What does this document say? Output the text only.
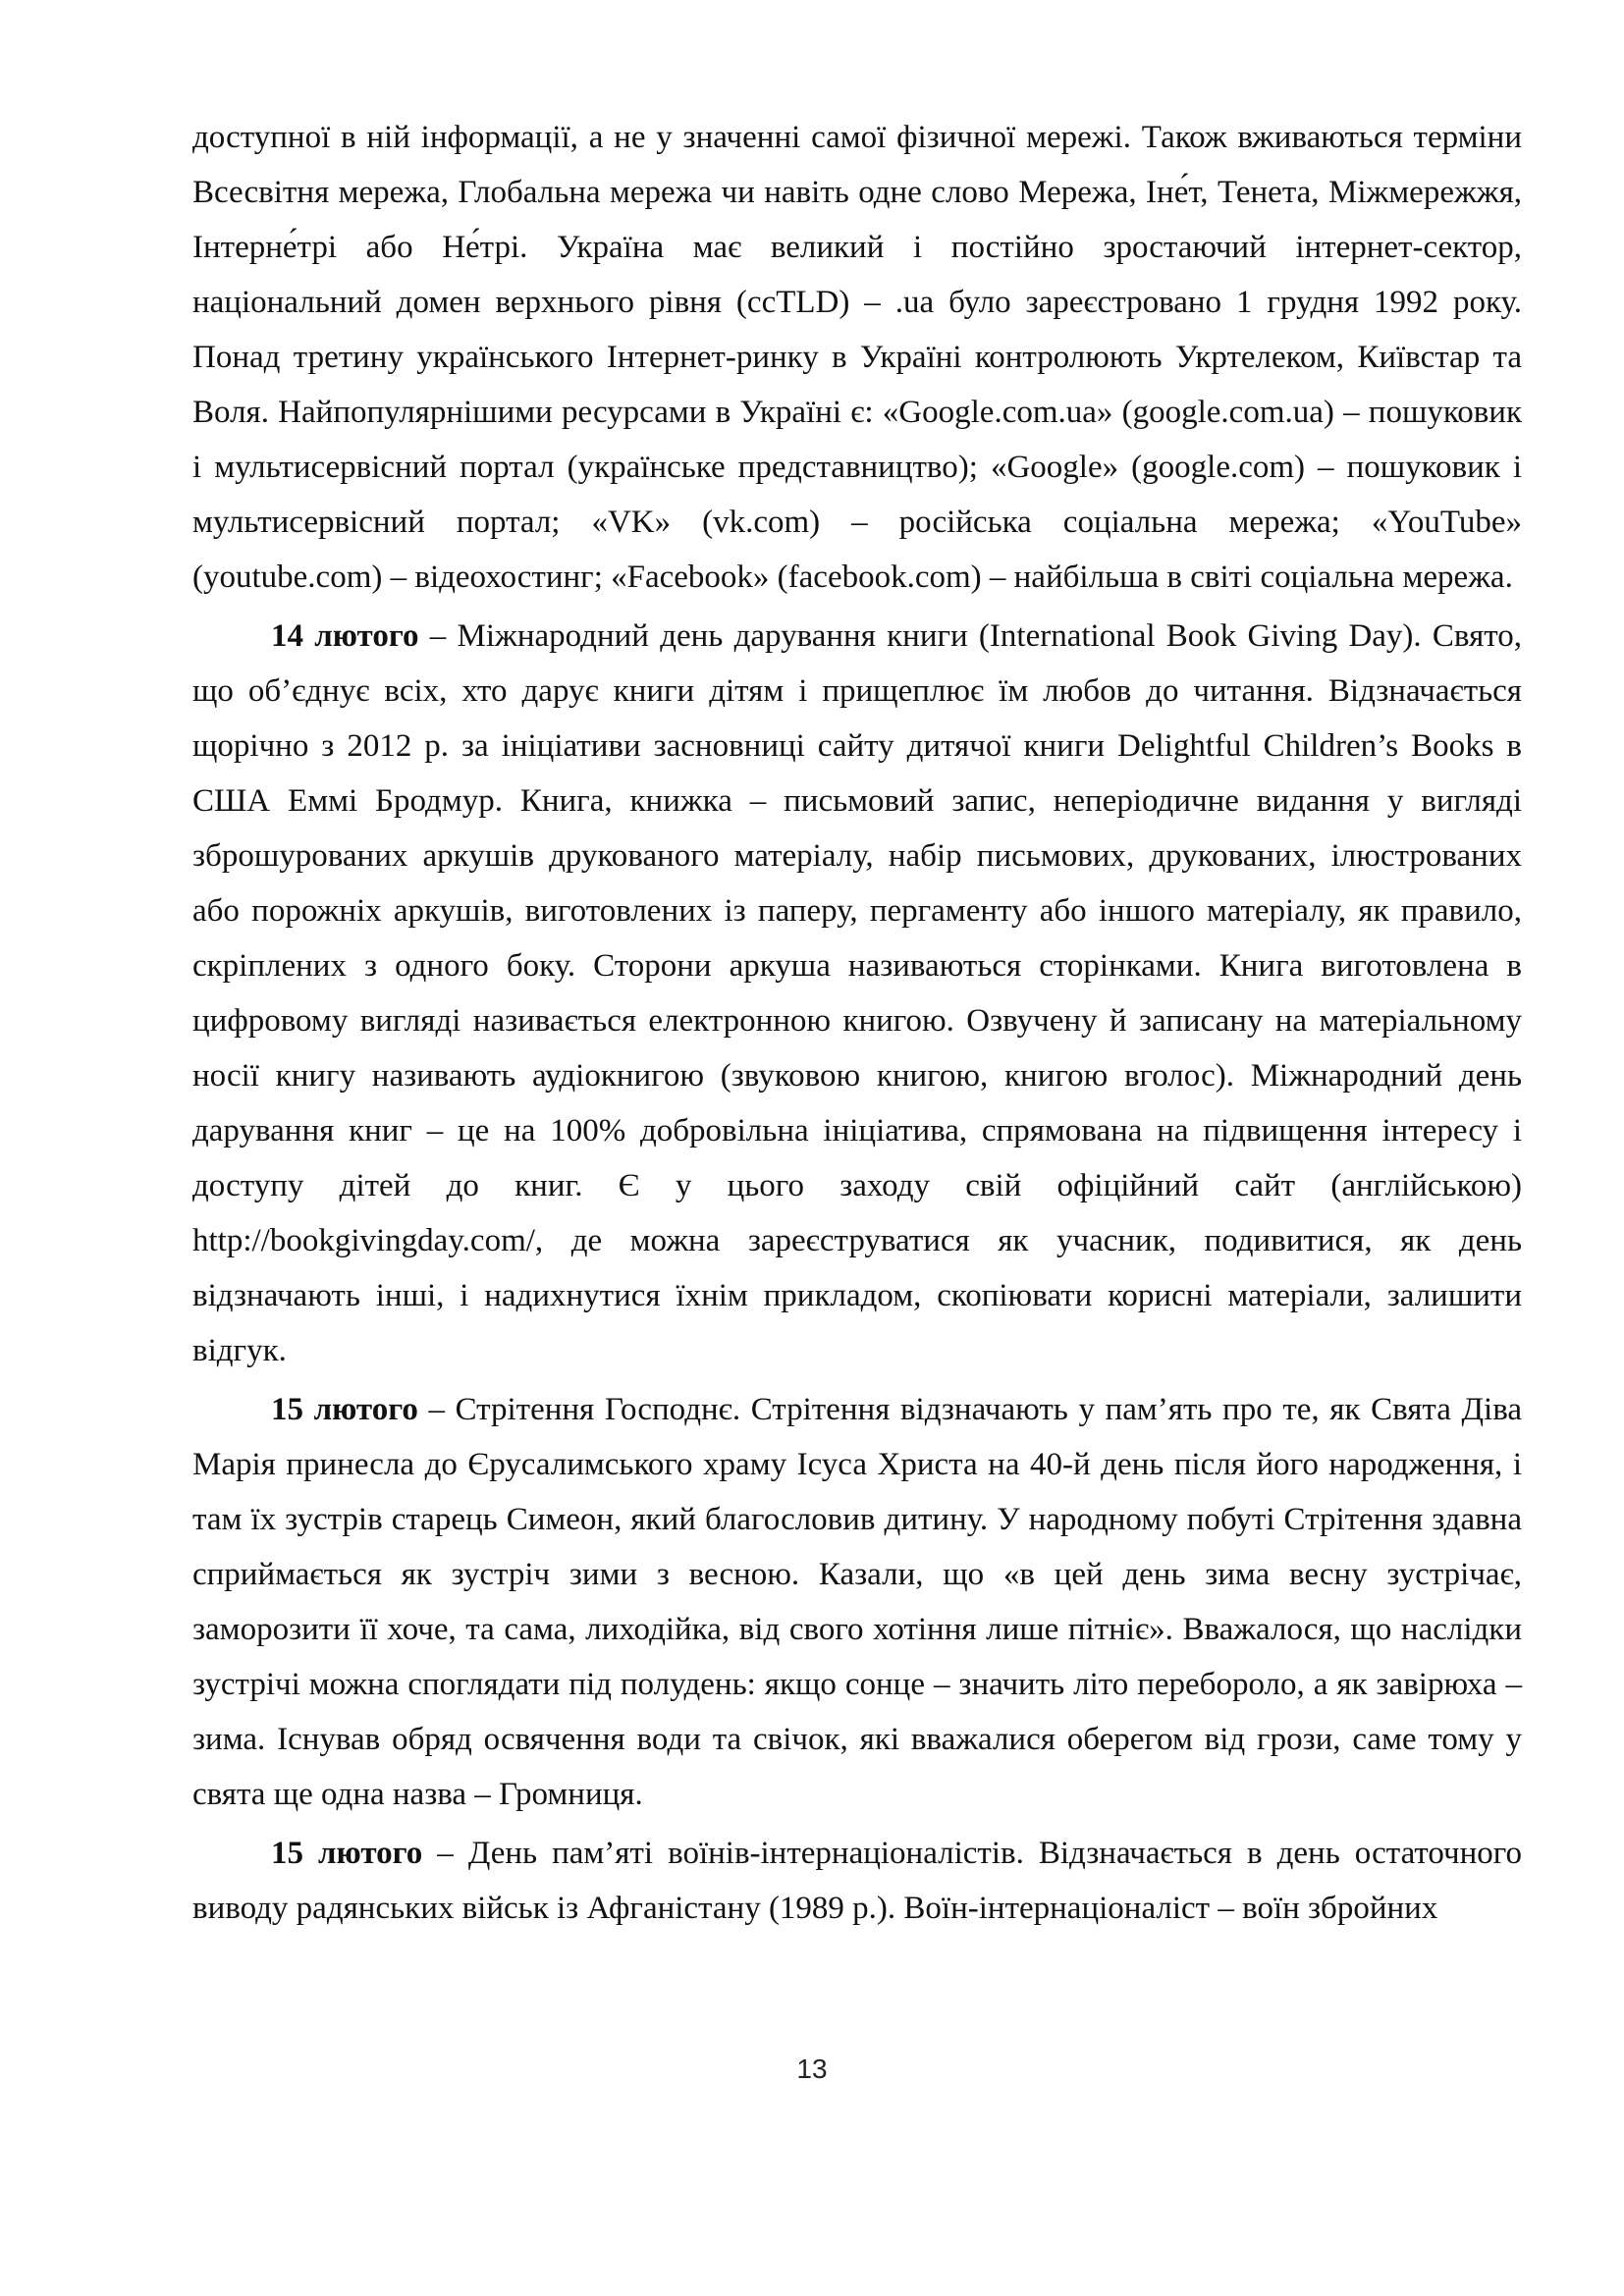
доступної в ній інформації, а не у значенні самої фізичної мережі. Також вживаються терміни Всесвітня мережа, Глобальна мережа чи навіть одне слово Мережа, Іне́т, Тенета, Міжмережжя, Інтерне́трі або Не́трі. Україна має великий і постійно зростаючий інтернет-сектор, національний домен верхнього рівня (ccTLD) – .ua було зареєстровано 1 грудня 1992 року. Понад третину українського Інтернет-ринку в Україні контролюють Укртелеком, Київстар та Воля. Найпопулярнішими ресурсами в Україні є: «Google.com.ua» (google.com.ua) – пошуковик і мультисервісний портал (українське представництво); «Google» (google.com) – пошуковик і мультисервісний портал; «VK» (vk.com) – російська соціальна мережа; «YouTube» (youtube.com) – відеохостинг; «Facebook» (facebook.com) – найбільша в світі соціальна мережа.

14 лютого – Міжнародний день дарування книги (International Book Giving Day). Свято, що об’єднує всіх, хто дарує книги дітям і прищеплює їм любов до читання. Відзначається щорічно з 2012 р. за ініціативи засновниці сайту дитячої книги Delightful Children’s Books в США Еммі Бродмур. Книга, книжка – письмовий запис, неперіодичне видання у вигляді зброшурованих аркушів друкованого матеріалу, набір письмових, друкованих, ілюстрованих або порожніх аркушів, виготовлених із паперу, пергаменту або іншого матеріалу, як правило, скріплених з одного боку. Сторони аркуша називаються сторінками. Книга виготовлена в цифровому вигляді називається електронною книгою. Озвучену й записану на матеріальному носії книгу називають аудіокнигою (звуковою книгою, книгою вголос). Міжнародний день дарування книг – це на 100% добровільна ініціатива, спрямована на підвищення інтересу і доступу дітей до книг. Є у цього заходу свій офіційний сайт (англійською) http://bookgivingday.com/, де можна зареєструватися як учасник, подивитися, як день відзначають інші, і надихнутися їхнім прикладом, скопіювати корисні матеріали, залишити відгук.

15 лютого – Стрітення Господнє. Стрітення відзначають у пам’ять про те, як Свята Діва Марія принесла до Єрусалимського храму Ісуса Христа на 40-й день після його народження, і там їх зустрів старець Симеон, який благословив дитину. У народному побуті Стрітення здавна сприймається як зустріч зими з весною. Казали, що «в цей день зима весну зустрічає, заморозити її хоче, та сама, лиходійка, від свого хотіння лише пітніє». Вважалося, що наслідки зустрічі можна споглядати під полудень: якщо сонце – значить літо перебороло, а як завірюха – зима. Існував обряд освячення води та свічок, які вважалися оберегом від грози, саме тому у свята ще одна назва – Громниця.

15 лютого – День пам’яті воїнів-інтернаціоналістів. Відзначається в день остаточного виводу радянських військ із Афганістану (1989 р.). Воїн-інтернаціоналіст – воїн збройних

13
